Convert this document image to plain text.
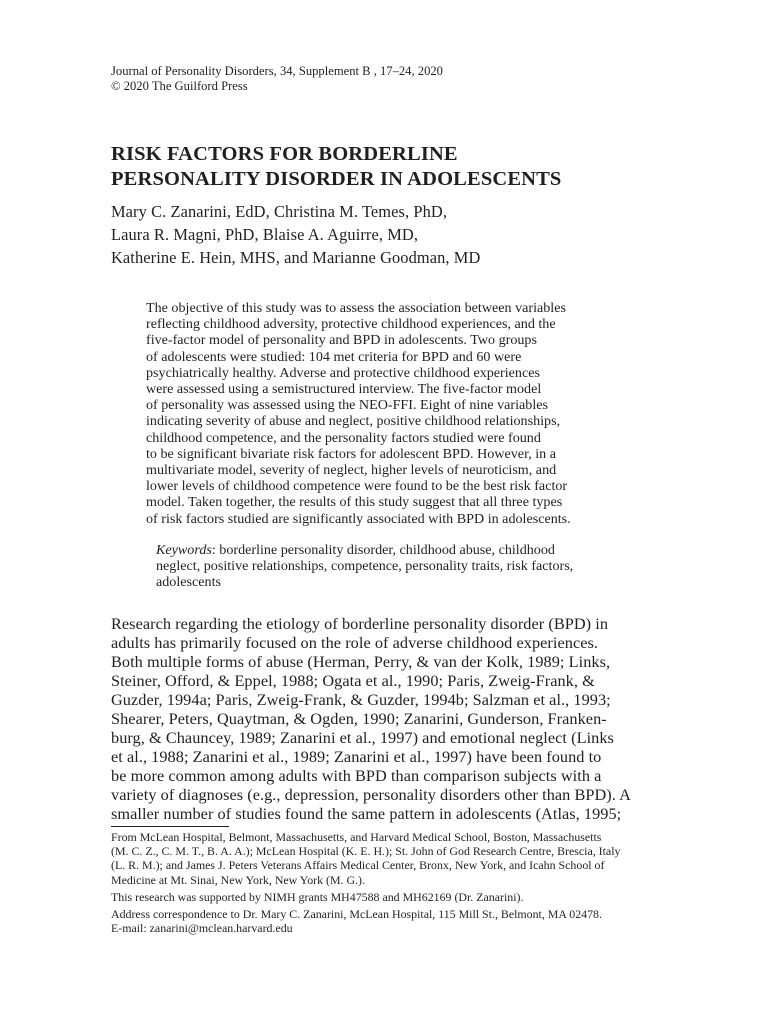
Journal of Personality Disorders, 34, Supplement B , 17–24, 2020
© 2020 The Guilford Press
RISK FACTORS FOR BORDERLINE
PERSONALITY DISORDER IN ADOLESCENTS
Mary C. Zanarini, EdD, Christina M. Temes, PhD,
Laura R. Magni, PhD, Blaise A. Aguirre, MD,
Katherine E. Hein, MHS, and Marianne Goodman, MD
The objective of this study was to assess the association between variables
reflecting childhood adversity, protective childhood experiences, and the
five-factor model of personality and BPD in adolescents. Two groups
of adolescents were studied: 104 met criteria for BPD and 60 were
psychiatrically healthy. Adverse and protective childhood experiences
were assessed using a semistructured interview. The five-factor model
of personality was assessed using the NEO-FFI. Eight of nine variables
indicating severity of abuse and neglect, positive childhood relationships,
childhood competence, and the personality factors studied were found
to be significant bivariate risk factors for adolescent BPD. However, in a
multivariate model, severity of neglect, higher levels of neuroticism, and
lower levels of childhood competence were found to be the best risk factor
model. Taken together, the results of this study suggest that all three types
of risk factors studied are significantly associated with BPD in adolescents.
Keywords: borderline personality disorder, childhood abuse, childhood
neglect, positive relationships, competence, personality traits, risk factors,
adolescents
Research regarding the etiology of borderline personality disorder (BPD) in
adults has primarily focused on the role of adverse childhood experiences.
Both multiple forms of abuse (Herman, Perry, & van der Kolk, 1989; Links,
Steiner, Offord, & Eppel, 1988; Ogata et al., 1990; Paris, Zweig-Frank, &
Guzder, 1994a; Paris, Zweig-Frank, & Guzder, 1994b; Salzman et al., 1993;
Shearer, Peters, Quaytman, & Ogden, 1990; Zanarini, Gunderson, Franken-
burg, & Chauncey, 1989; Zanarini et al., 1997) and emotional neglect (Links
et al., 1988; Zanarini et al., 1989; Zanarini et al., 1997) have been found to
be more common among adults with BPD than comparison subjects with a
variety of diagnoses (e.g., depression, personality disorders other than BPD). A
smaller number of studies found the same pattern in adolescents (Atlas, 1995;
From McLean Hospital, Belmont, Massachusetts, and Harvard Medical School, Boston, Massachusetts
(M. C. Z., C. M. T., B. A. A.); McLean Hospital (K. E. H.); St. John of God Research Centre, Brescia, Italy
(L. R. M.); and James J. Peters Veterans Affairs Medical Center, Bronx, New York, and Icahn School of
Medicine at Mt. Sinai, New York, New York (M. G.).
This research was supported by NIMH grants MH47588 and MH62169 (Dr. Zanarini).
Address correspondence to Dr. Mary C. Zanarini, McLean Hospital, 115 Mill St., Belmont, MA 02478.
E-mail: zanarini@mclean.harvard.edu
